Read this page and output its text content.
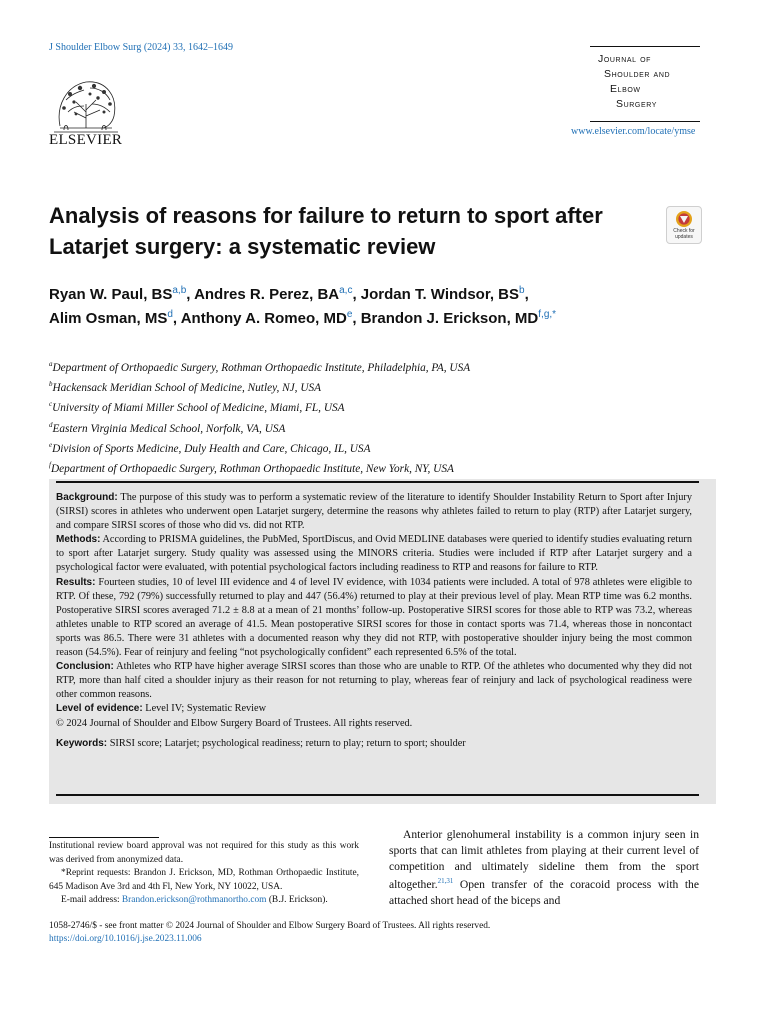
J Shoulder Elbow Surg (2024) 33, 1642–1649
ELSEVIER
Journal of
Shoulder and
Elbow
Surgery
www.elsevier.com/locate/ymse
Analysis of reasons for failure to return to sport after Latarjet surgery: a systematic review
Check for updates
Ryan W. Paul, BS$^{a,b}$, Andres R. Perez, BA$^{a,c}$, Jordan T. Windsor, $BS^b$,
Alim Osman, $MS^d$, Anthony A. Romeo, MDe, Brandon J. Erickson, $MD^{f,g,*}$
$^a$Department of Orthopaedic Surgery, Rothman Orthopaedic Institute, Philadelphia, PA, USA
$^b$Hackensack Meridian School of Medicine, Nutley, NJ, USA
$^c$University of Miami Miller School of Medicine, Miami, FL, USA
$^d$Eastern Virginia Medical School, Norfolk, VA, USA
$^e$Division of Sports Medicine, Duly Health and Care, Chicago, IL, USA
$^f$Department of Orthopaedic Surgery, Rothman Orthopaedic Institute, New York, NY, USA

Background: The purpose of this study was to perform a systematic review of the literature to identify Shoulder Instability Return to Sport after Injury (SIRSI) scores in athletes who underwent open Latarjet surgery, determine the reasons why athletes failed to return to play (RTP) after Latarjet surgery, and compare SIRSI scores of those who did vs. did not RTP.

Methods: According to PRISMA guidelines, the PubMed, SportDiscus, and Ovid MEDLINE databases were queried to identify studies evaluating return to sport after Latarjet surgery. Study quality was assessed using the MINORS criteria. Studies were included if RTP after Latarjet surgery and a psychological factor were evaluated, with potential psychological factors including readiness to RTP and reasons for failure to RTP.

Results: Fourteen studies, 10 of level III evidence and 4 of level IV evidence, with 1034 patients were included. A total of 978 athletes were eligible to RTP. Of these, 792 (79%) successfully returned to play and 447 (56.4%) returned to play at their previous level of play. Mean RTP time was 6.2 months. Postoperative SIRSI scores averaged 71.2 ± 8.8 at a mean of 21 months’ follow-up. Postoperative SIRSI scores for those able to RTP was 73.2, whereas athletes unable to RTP scored an average of 41.5. Mean postoperative SIRSI scores for those in contact sports was 71.4, whereas those in noncontact sports was 86.5. There were 31 athletes with a documented reason why they did not RTP, with postoperative shoulder injury being the most common reason (54.5%). Fear of reinjury and feeling “not psychologically confident” each represented 6.5% of the total.

Conclusion: Athletes who RTP have higher average SIRSI scores than those who are unable to RTP. Of the athletes who documented why they did not RTP, more than half cited a shoulder injury as their reason for not returning to play, whereas fear of reinjury and lack of psychological readiness were other common reasons.

Level of evidence: Level IV; Systematic Review

© 2024 Journal of Shoulder and Elbow Surgery Board of Trustees. All rights reserved.

Keywords: SIRSI score; Latarjet; psychological readiness; return to play; return to sport; shoulder

Institutional review board approval was not required for this study as this work was derived from anonymized data.

*Reprint requests: Brandon J. Erickson, MD, Rothman Orthopaedic Institute, 645 Madison Ave 3rd and 4th Fl, New York, NY 10022, USA.

E-mail address: Brandon.erickson@rothmanortho.com (B.J. Erickson).

Anterior glenohumeral instability is a common injury seen in sports that can limit athletes from playing at their current level of competition and ultimately sideline them from the sport altogether.$^{21,31}$ Open transfer of the coracoid process with the attached short head of the biceps and
1058-2746/$ - see front matter © 2024 Journal of Shoulder and Elbow Surgery Board of Trustees. All rights reserved.
https://doi.org/10.1016/j.jse.2023.11.006
